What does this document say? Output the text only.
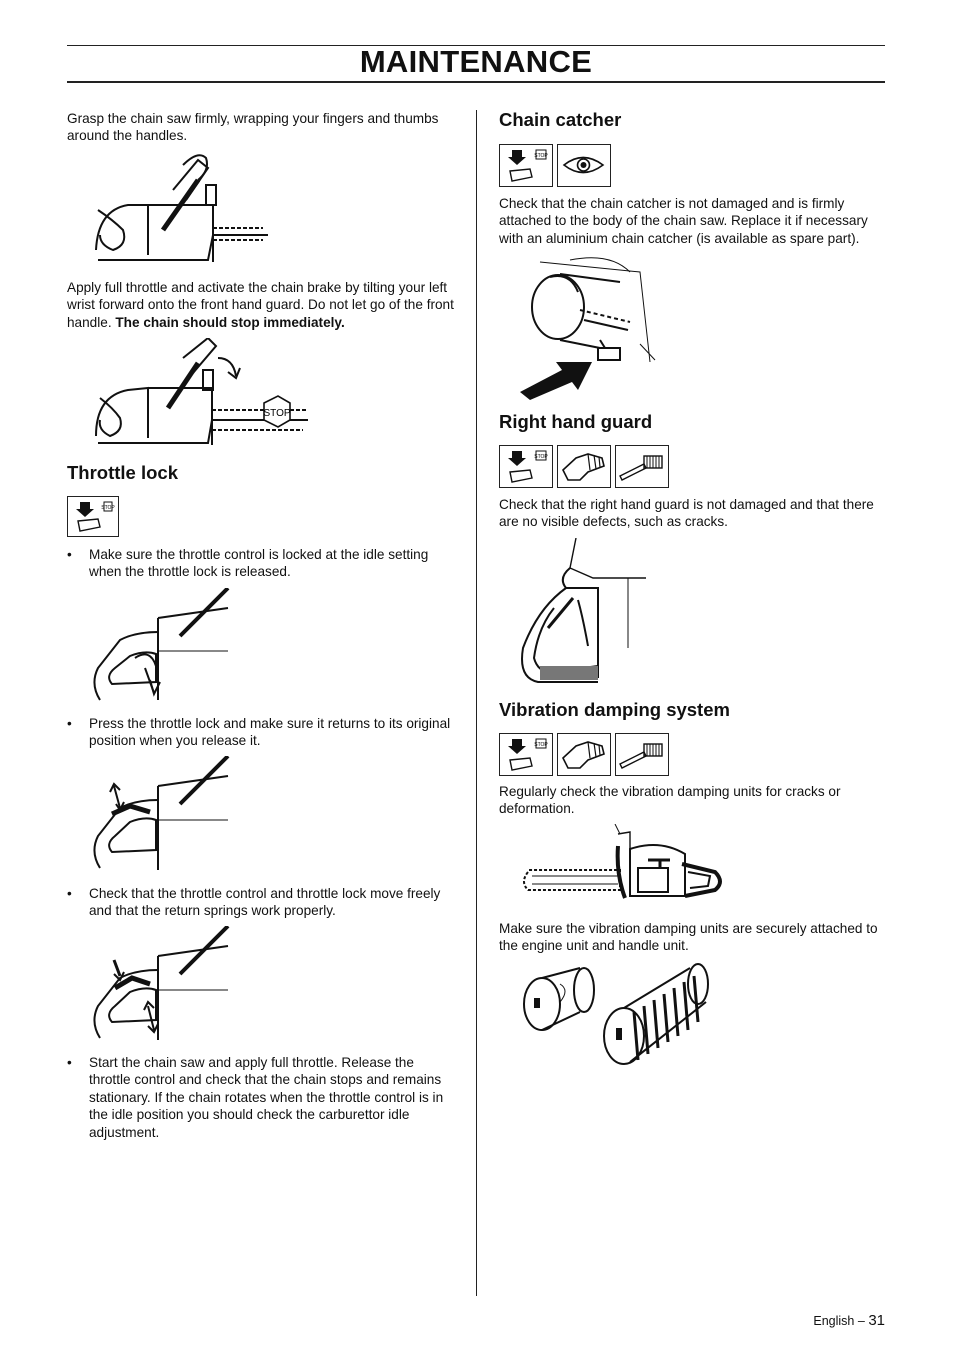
MAINTENANCE

Grasp the chain saw firmly, wrapping your fingers and thumbs around the handles.

Apply full throttle and activate the chain brake by tilting your left wrist forward onto the front hand guard. Do not let go of the front handle. The chain should stop immediately.

STOP
Throttle lock
STOP
• Make sure the throttle control is locked at the idle setting when the throttle lock is released.
• Press the throttle lock and make sure it returns to its original position when you release it.
• Check that the throttle control and throttle lock move freely and that the return springs work properly.
• Start the chain saw and apply full throttle. Release the throttle control and check that the chain stops and remains stationary. If the chain rotates when the throttle control is in the idle position you should check the carburettor idle adjustment.
Chain catcher
STOP

Check that the chain catcher is not damaged and is firmly attached to the body of the chain saw. Replace it if necessary with an aluminium chain catcher (is available as spare part).

Right hand guard
STOP

Check that the right hand guard is not damaged and that there are no visible defects, such as cracks.

Vibration damping system
STOP

Regularly check the vibration damping units for cracks or deformation.

Make sure the vibration damping units are securely attached to the engine unit and handle unit.

English – 31
